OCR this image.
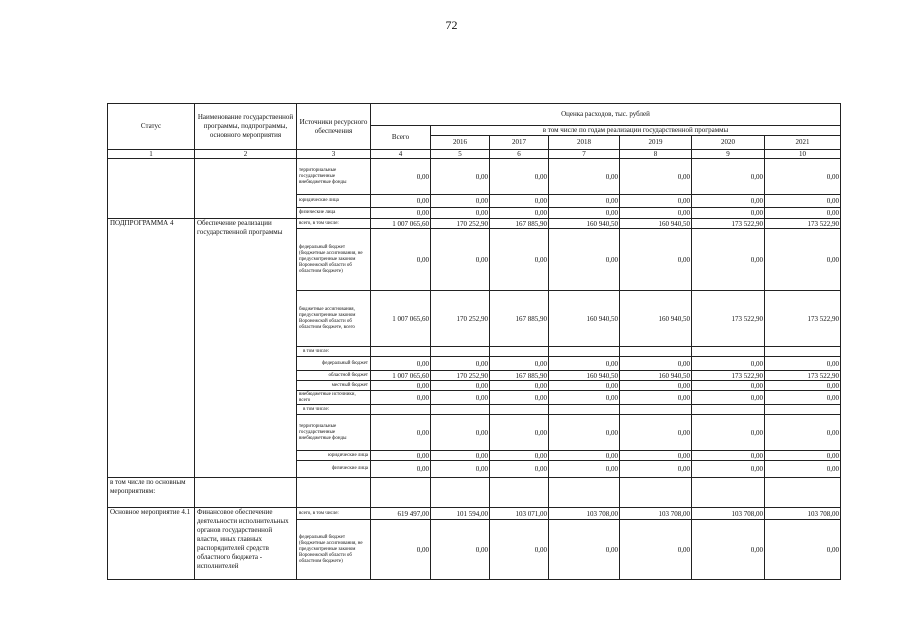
72
Статус	Наименование государственной программы, подпрограммы, основного мероприятия	Источники ресурсного обеспечения	Оценка расходов, тыс. рублей						
			Всего	в том числе по годам реализации государственной программы					
				2016	2017	2018	2019	2020	2021
1	2	3	4	5	6	7	8	9	10
		территориальные государственные внебюджетные фонды	0,00	0,00	0,00	0,00	0,00	0,00	0,00
		юридические лица	0,00	0,00	0,00	0,00	0,00	0,00	0,00
		физические лица	0,00	0,00	0,00	0,00	0,00	0,00	0,00
ПОДПРОГРАММА 4	Обеспечение реализации государственной программы	всего, в том числе:	1 007 065,60	170 252,90	167 885,90	160 940,50	160 940,50	173 522,90	173 522,90
		федеральный бюджет (бюджетные ассигнования, не предусмотренные законом Воронежской области об областном бюджете)	0,00	0,00	0,00	0,00	0,00	0,00	0,00
		бюджетные ассигнования, предусмотренные законом Воронежской области об областном бюджете, всего	1 007 065,60	170 252,90	167 885,90	160 940,50	160 940,50	173 522,90	173 522,90
		в том числе:							
		федеральный бюджет	0,00	0,00	0,00	0,00	0,00	0,00	0,00
		областной бюджет	1 007 065,60	170 252,90	167 885,90	160 940,50	160 940,50	173 522,90	173 522,90
		местный бюджет	0,00	0,00	0,00	0,00	0,00	0,00	0,00
		внебюджетные источники, всего	0,00	0,00	0,00	0,00	0,00	0,00	0,00
		в том числе:							
		территориальные государственные внебюджетные фонды	0,00	0,00	0,00	0,00	0,00	0,00	0,00
		юридические лица	0,00	0,00	0,00	0,00	0,00	0,00	0,00
		физические лица	0,00	0,00	0,00	0,00	0,00	0,00	0,00
в том числе по основным мероприятиям:									
Основное мероприятие 4.1	Финансовое обеспечение деятельности исполнительных органов государственной власти, иных главных распорядителей средств областного бюджета - исполнителей	всего, в том числе:	619 497,00	101 594,00	103 071,00	103 708,00	103 708,00	103 708,00	103 708,00
		федеральный бюджет (бюджетные ассигнования, не предусмотренные законом Воронежской области об областном бюджете)	0,00	0,00	0,00	0,00	0,00	0,00	0,00
